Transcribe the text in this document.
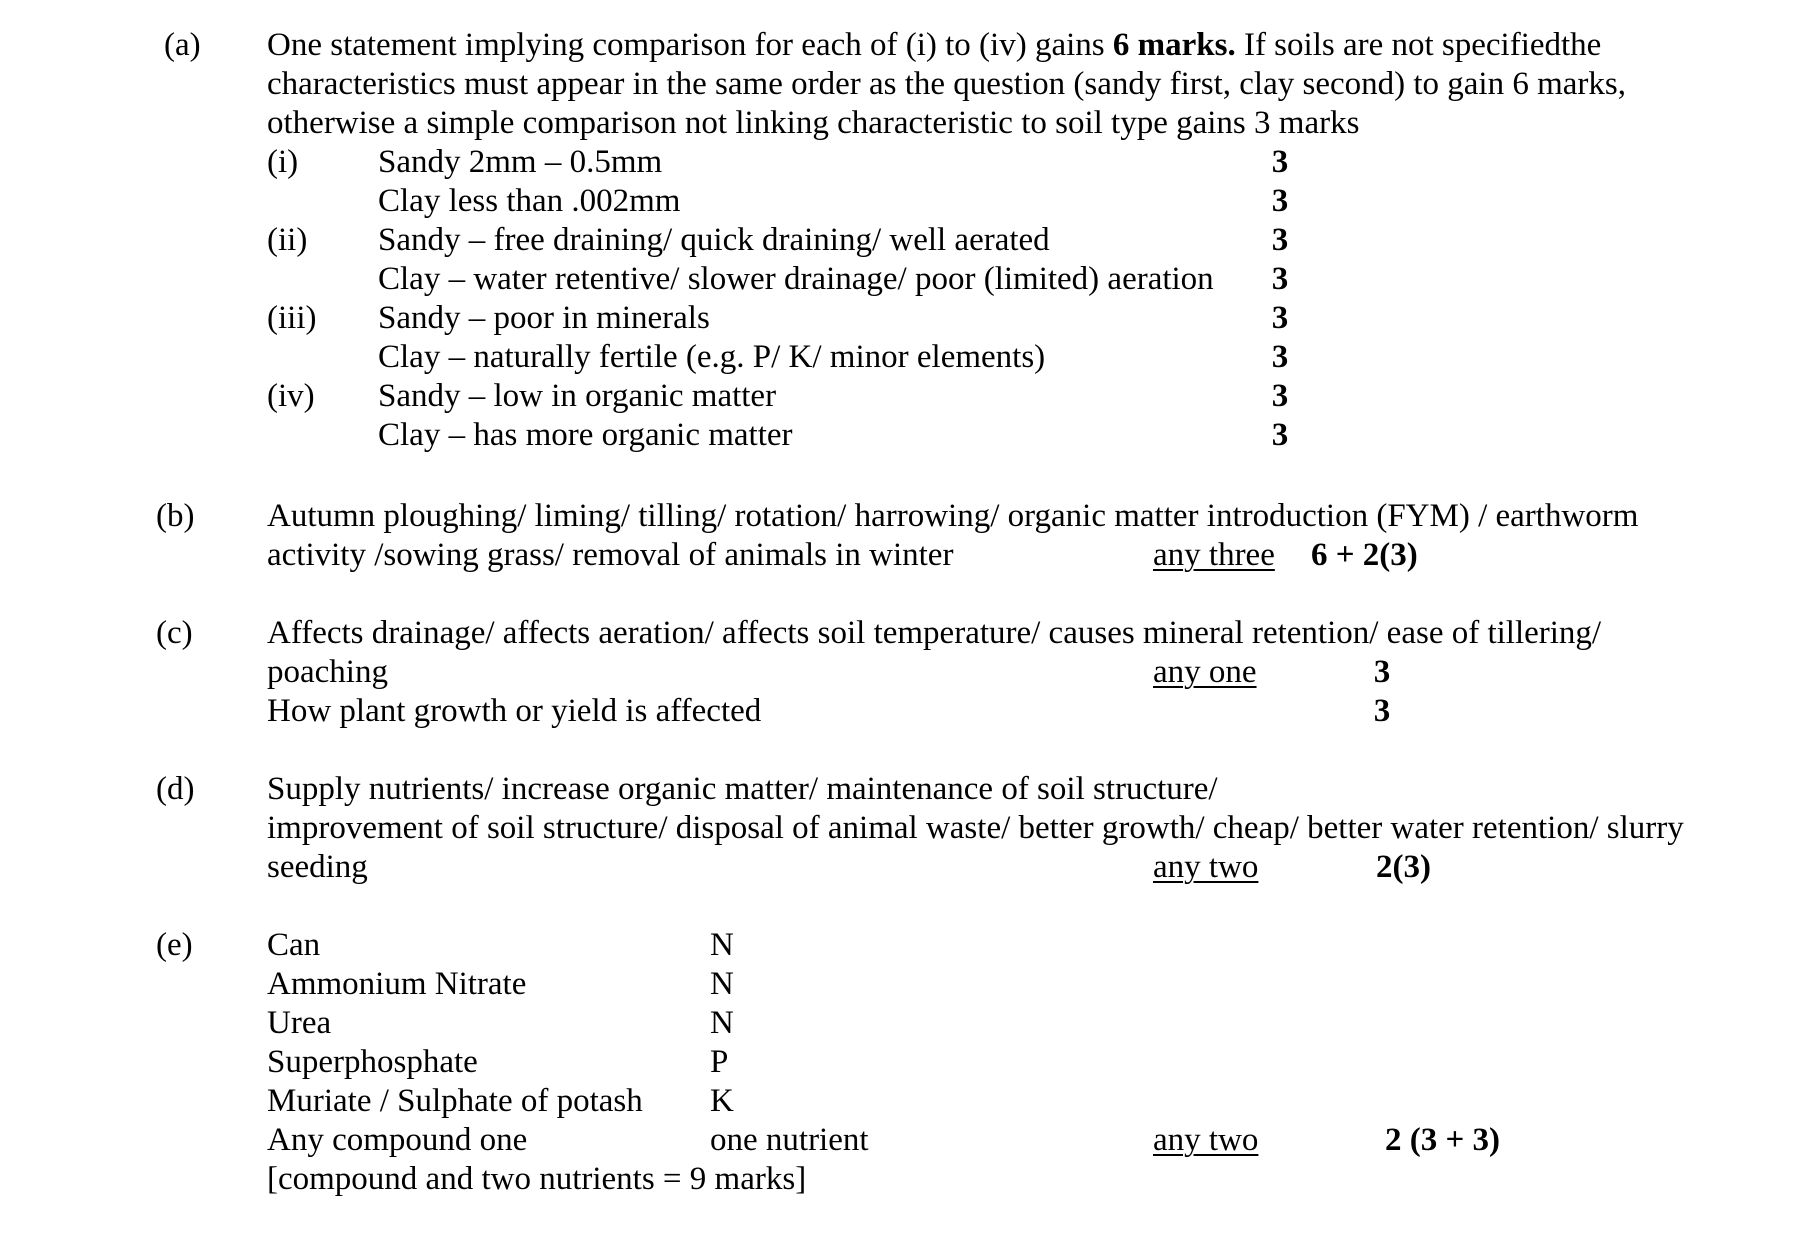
(a) One statement implying comparison for each of (i) to (iv) gains 6 marks. If soils are not specifiedthe
characteristics must appear in the same order as the question (sandy first, clay second) to gain 6 marks,
otherwise a simple comparison not linking characteristic to soil type gains 3 marks
(i) Sandy 2mm – 0.5mm	3
Clay less than .002mm	3
(ii) Sandy – free draining/ quick draining/ well aerated	3
Clay – water retentive/ slower drainage/ poor (limited) aeration 3
(iii) Sandy – poor in minerals	3
Clay – naturally fertile (e.g. P/ K/ minor elements)	3
(iv) Sandy – low in organic matter	3
Clay – has more organic matter	3
(b) Autumn ploughing/ liming/ tilling/ rotation/ harrowing/ organic matter introduction (FYM) / earthworm
activity /sowing grass/ removal of animals in winter	any three 6 + 2(3)
(c) Affects drainage/ affects aeration/ affects soil temperature/ causes mineral retention/ ease of tillering/
poaching	any one	3
How plant growth or yield is affected	3
(d) Supply nutrients/ increase organic matter/ maintenance of soil structure/
improvement of soil structure/ disposal of animal waste/ better growth/ cheap/ better water retention/ slurry
seeding	any two	2(3)
(e) Can	N
Ammonium Nitrate	N
Urea	N
Superphosphate	P
Muriate / Sulphate of potash K
Any compound one	one nutrient	any two	2 (3 + 3)
[compound and two nutrients = 9 marks]
